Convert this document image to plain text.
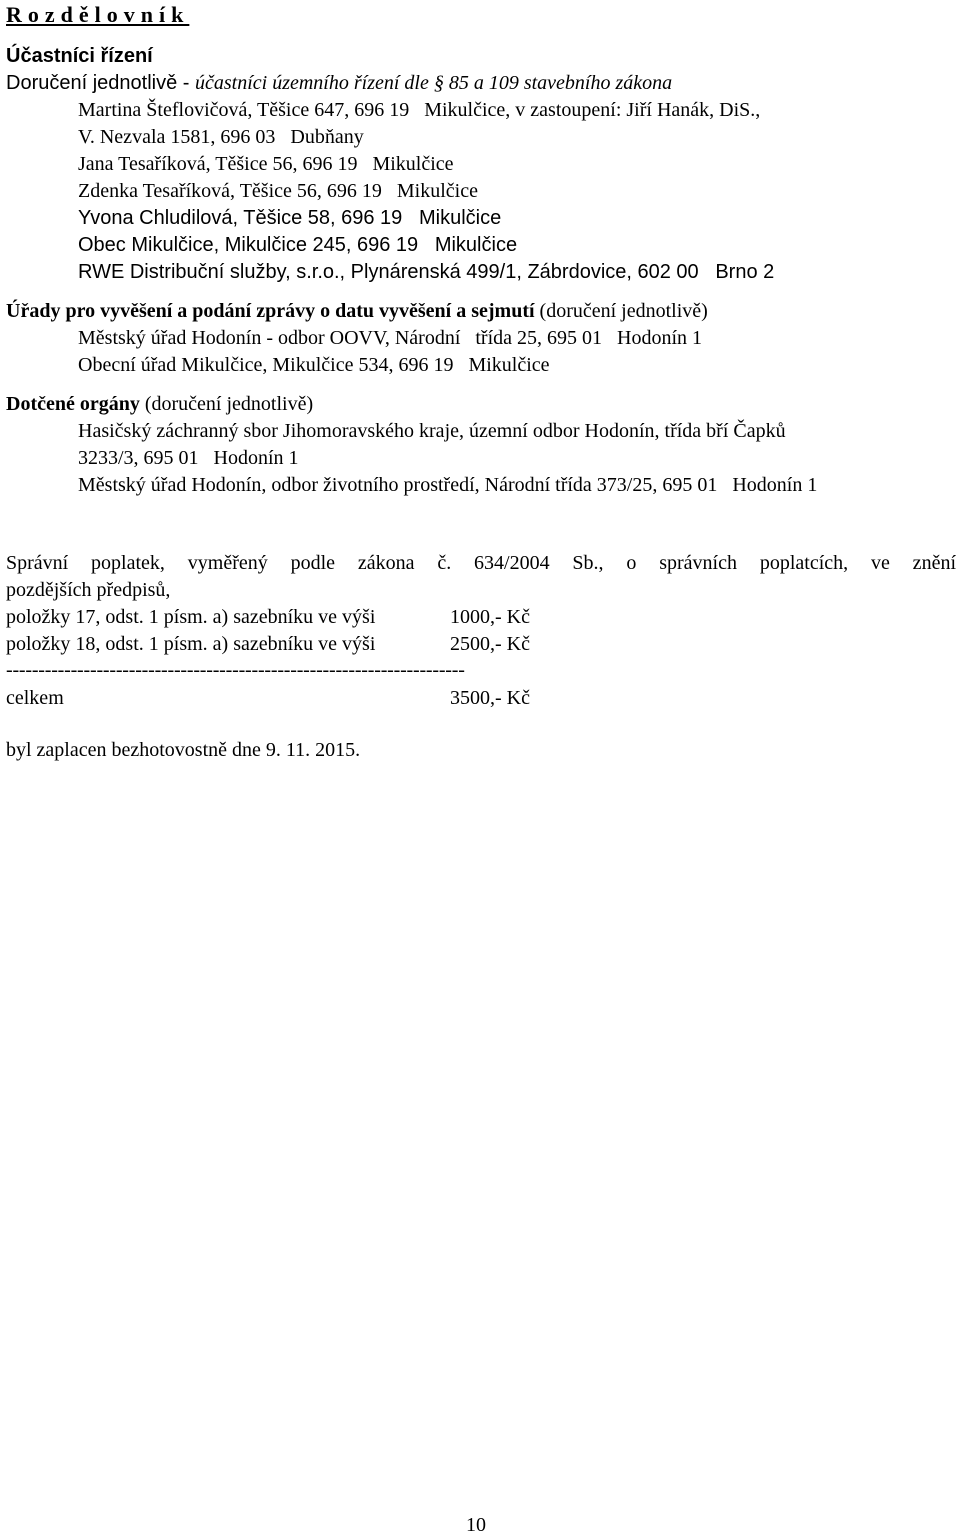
Rozdělovník
Účastníci řízení
Doručení jednotlivě - účastníci územního řízení dle § 85 a 109 stavebního zákona
Martina Šteflovičová, Těšice 647, 696 19   Mikulčice, v zastoupení: Jiří Hanák, DiS.,
V. Nezvala 1581, 696 03   Dubňany
Jana Tesaříková, Těšice 56, 696 19   Mikulčice
Zdenka Tesaříková, Těšice 56, 696 19   Mikulčice
Yvona Chludilová, Těšice 58, 696 19   Mikulčice
Obec Mikulčice, Mikulčice 245, 696 19   Mikulčice
RWE Distribuční služby, s.r.o., Plynárenská 499/1, Zábrdovice, 602 00   Brno 2
Úřady pro vyvěšení a podání zprávy o datu vyvěšení a sejmutí (doručení jednotlivě)
Městský úřad Hodonín - odbor OOVV, Národní   třída 25, 695 01   Hodonín 1
Obecní úřad Mikulčice, Mikulčice 534, 696 19   Mikulčice
Dotčené orgány (doručení jednotlivě)
Hasičský záchranný sbor Jihomoravského kraje, územní odbor Hodonín, třída bří Čapků
3233/3, 695 01   Hodonín 1
Městský úřad Hodonín, odbor životního prostředí, Národní třída 373/25, 695 01   Hodonín 1
Správní poplatek, vyměřený podle zákona č. 634/2004 Sb., o správních poplatcích, ve znění
pozdějších předpisů,
položky 17, odst. 1 písm. a) sazebníku ve výši	1000,- Kč
položky 18, odst. 1 písm. a) sazebníku ve výši	2500,- Kč
-----------------------------------------------------------------------
celkem	3500,- Kč
byl zaplacen bezhotovostně dne 9. 11. 2015.
10
